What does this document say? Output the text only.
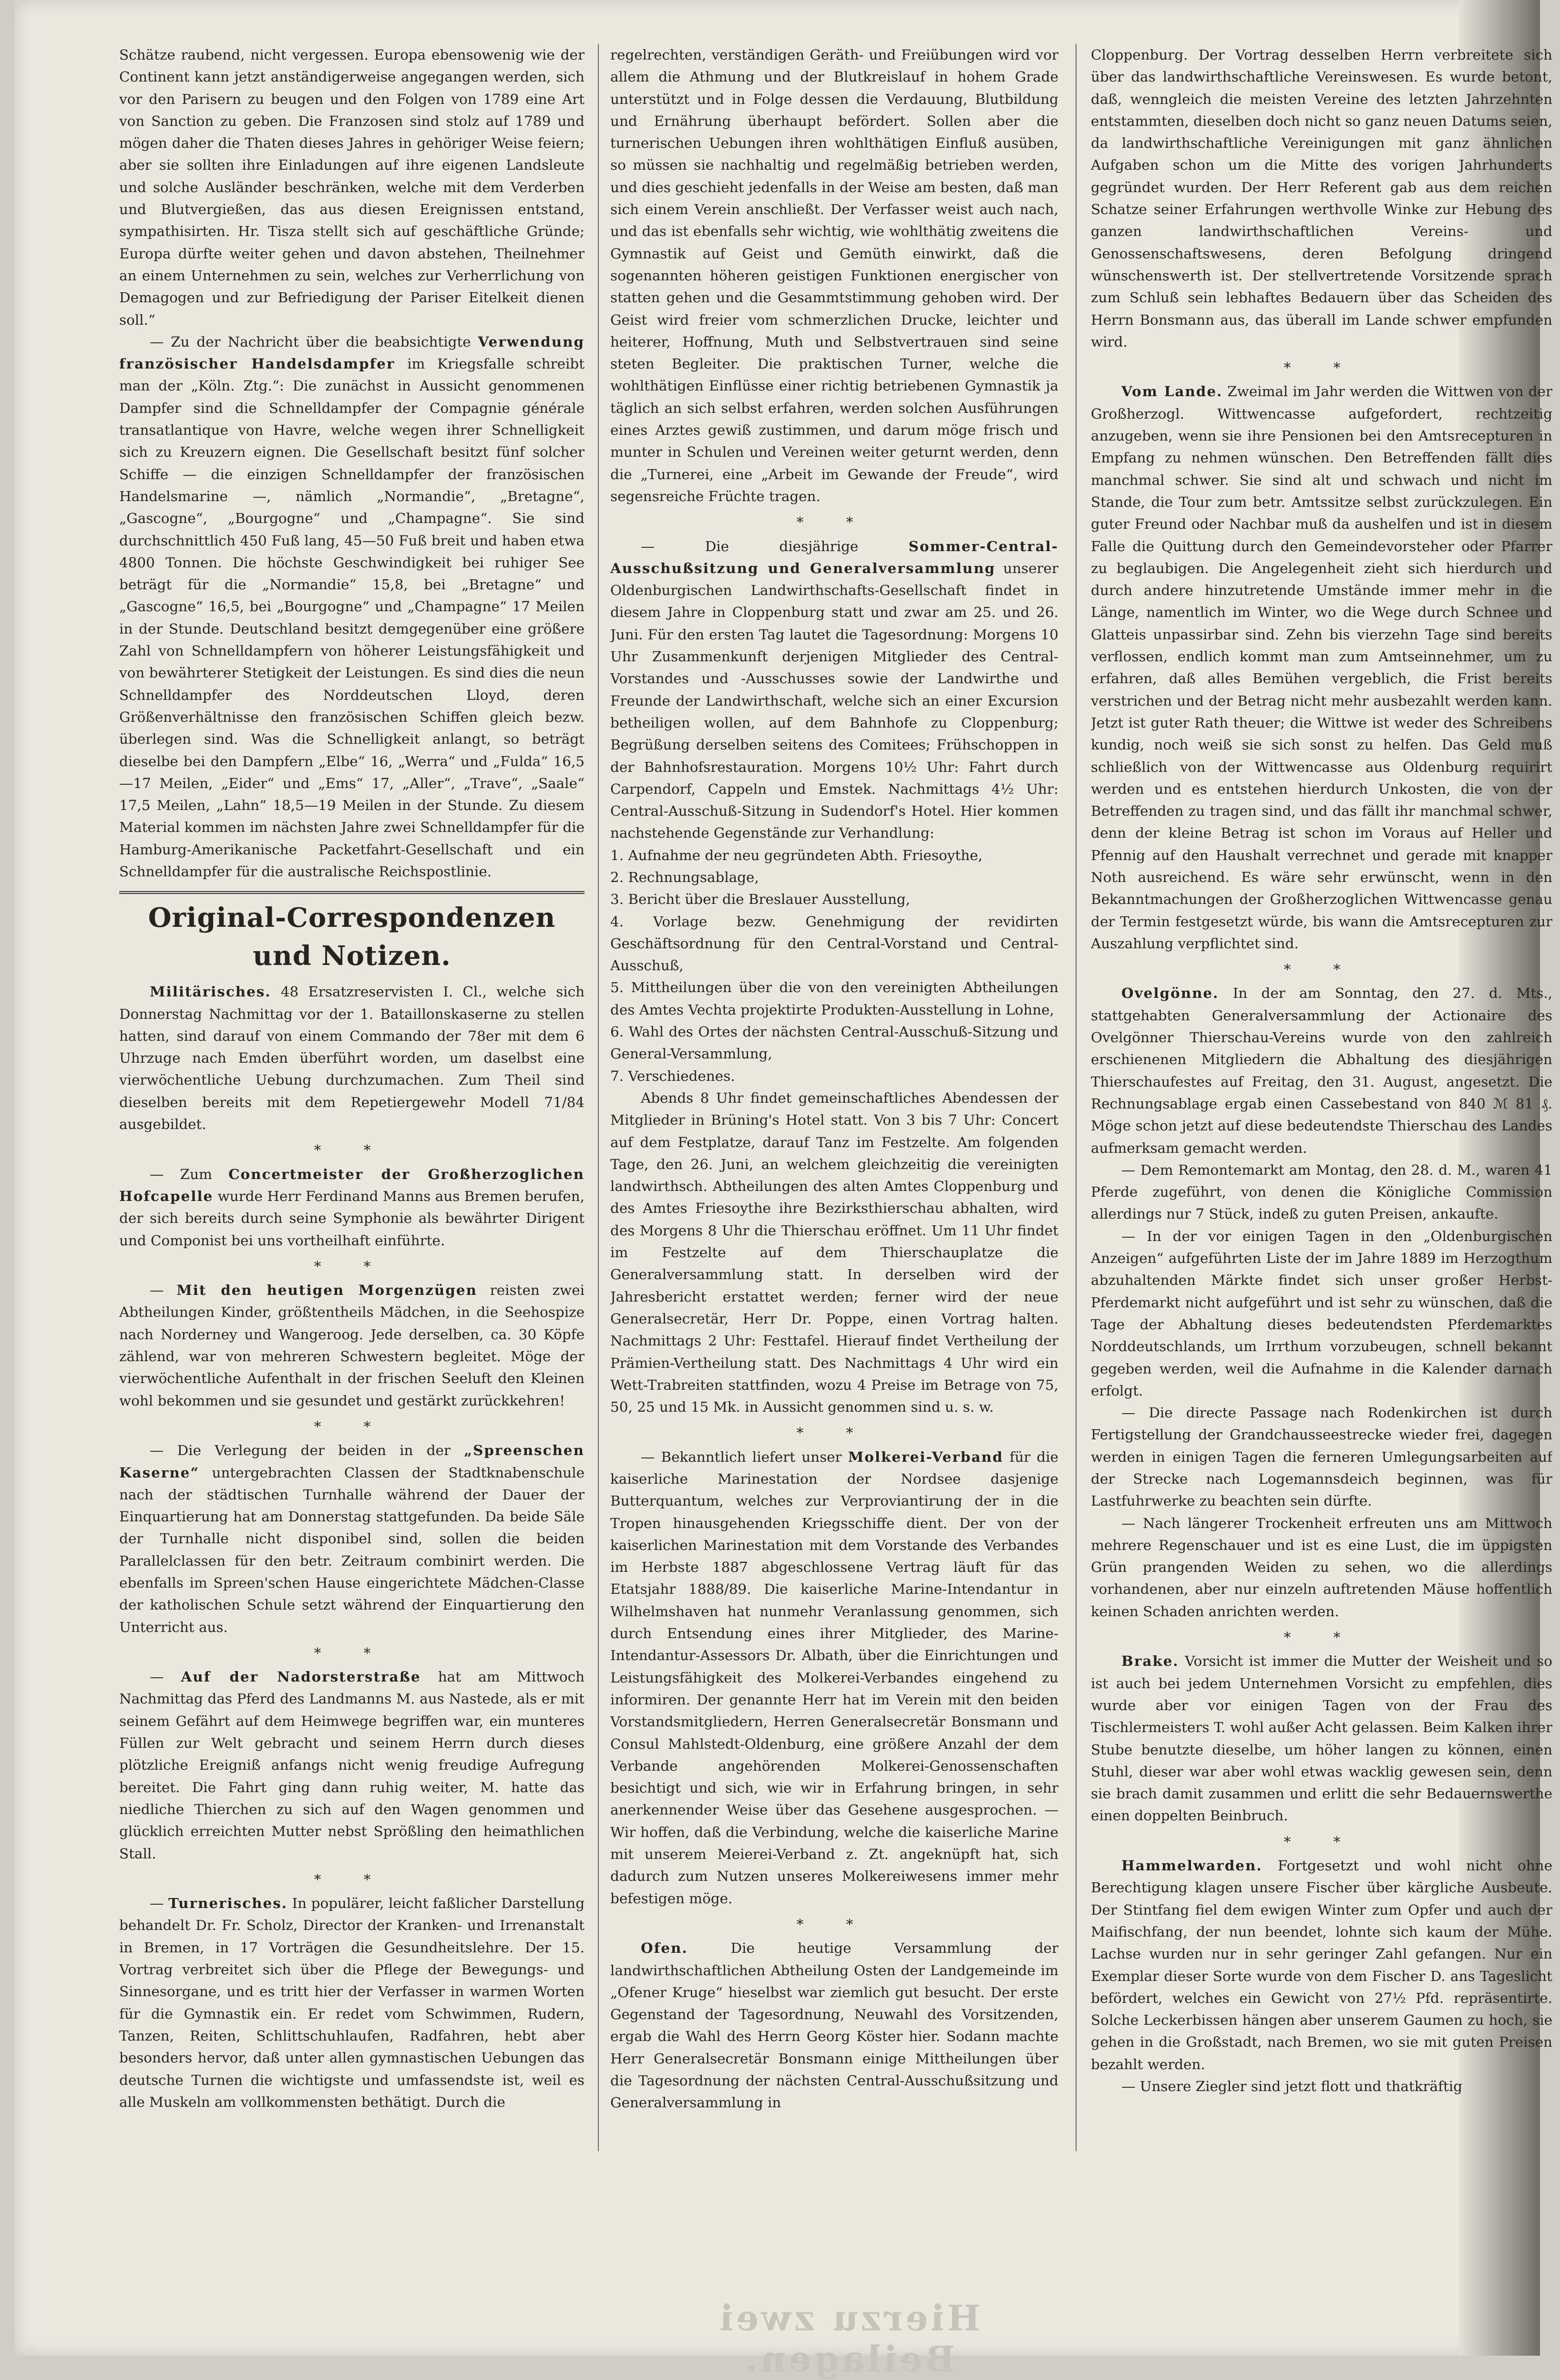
Schätze raubend, nicht vergessen. Europa ebensowenig wie der Continent kann jetzt anständigerweise angegangen werden, sich vor den Parisern zu beugen und den Folgen von 1789 eine Art von Sanction zu geben. Die Franzosen sind stolz auf 1789 und mögen daher die Thaten dieses Jahres in gehöriger Weise feiern; aber sie sollten ihre Einladungen auf ihre eigenen Landsleute und solche Ausländer beschränken, welche mit dem Verderben und Blutvergießen, das aus diesen Ereignissen entstand, sympathisirten. Hr. Tisza stellt sich auf geschäftliche Gründe; Europa dürfte weiter gehen und davon abstehen, Theilnehmer an einem Unternehmen zu sein, welches zur Verherrlichung von Demagogen und zur Befriedigung der Pariser Eitelkeit dienen soll.“

— Zu der Nachricht über die beabsichtigte Verwendung französischer Handelsdampfer im Kriegsfalle schreibt man der „Köln. Ztg.“: Die zunächst in Aussicht genommenen Dampfer sind die Schnelldampfer der Compagnie générale transatlantique von Havre, welche wegen ihrer Schnelligkeit sich zu Kreuzern eignen. Die Gesellschaft besitzt fünf solcher Schiffe — die einzigen Schnelldampfer der französischen Handelsmarine —, nämlich „Normandie“, „Bretagne“, „Gascogne“, „Bourgogne“ und „Champagne“. Sie sind durchschnittlich 450 Fuß lang, 45—50 Fuß breit und haben etwa 4800 Tonnen. Die höchste Geschwindigkeit bei ruhiger See beträgt für die „Normandie“ 15,8, bei „Bretagne“ und „Gascogne“ 16,5, bei „Bourgogne“ und „Champagne“ 17 Meilen in der Stunde. Deutschland besitzt demgegenüber eine größere Zahl von Schnelldampfern von höherer Leistungsfähigkeit und von bewährterer Stetigkeit der Leistungen. Es sind dies die neun Schnelldampfer des Norddeutschen Lloyd, deren Größenverhältnisse den französischen Schiffen gleich bezw. überlegen sind. Was die Schnelligkeit anlangt, so beträgt dieselbe bei den Dampfern „Elbe“ 16, „Werra“ und „Fulda“ 16,5—17 Meilen, „Eider“ und „Ems“ 17, „Aller“, „Trave“, „Saale“ 17,5 Meilen, „Lahn“ 18,5—19 Meilen in der Stunde. Zu diesem Material kommen im nächsten Jahre zwei Schnelldampfer für die Hamburg-Amerikanische Packetfahrt-Gesellschaft und ein Schnelldampfer für die australische Reichspostlinie.

Original-Correspondenzen und Notizen.

Militärisches. 48 Ersatzreservisten I. Cl., welche sich Donnerstag Nachmittag vor der 1. Bataillonskaserne zu stellen hatten, sind darauf von einem Commando der 78er mit dem 6 Uhrzuge nach Emden überführt worden, um daselbst eine vierwöchentliche Uebung durchzumachen. Zum Theil sind dieselben bereits mit dem Repetiergewehr Modell 71/84 ausgebildet.

* *

— Zum Concertmeister der Großherzoglichen Hofcapelle wurde Herr Ferdinand Manns aus Bremen berufen, der sich bereits durch seine Symphonie als bewährter Dirigent und Componist bei uns vortheilhaft einführte.

* *

— Mit den heutigen Morgenzügen reisten zwei Abtheilungen Kinder, größtentheils Mädchen, in die Seehospize nach Norderney und Wangeroog. Jede derselben, ca. 30 Köpfe zählend, war von mehreren Schwestern begleitet. Möge der vierwöchentliche Aufenthalt in der frischen Seeluft den Kleinen wohl bekommen und sie gesundet und gestärkt zurückkehren!

* *

— Die Verlegung der beiden in der „Spreenschen Kaserne“ untergebrachten Classen der Stadtknabenschule nach der städtischen Turnhalle während der Dauer der Einquartierung hat am Donnerstag stattgefunden. Da beide Säle der Turnhalle nicht disponibel sind, sollen die beiden Parallelclassen für den betr. Zeitraum combinirt werden. Die ebenfalls im Spreen'schen Hause eingerichtete Mädchen-Classe der katholischen Schule setzt während der Einquartierung den Unterricht aus.

* *

— Auf der Nadorsterstraße hat am Mittwoch Nachmittag das Pferd des Landmanns M. aus Nastede, als er mit seinem Gefährt auf dem Heimwege begriffen war, ein munteres Füllen zur Welt gebracht und seinem Herrn durch dieses plötzliche Ereigniß anfangs nicht wenig freudige Aufregung bereitet. Die Fahrt ging dann ruhig weiter, M. hatte das niedliche Thierchen zu sich auf den Wagen genommen und glücklich erreichten Mutter nebst Sprößling den heimathlichen Stall.

* *

— Turnerisches. In populärer, leicht faßlicher Darstellung behandelt Dr. Fr. Scholz, Director der Kranken- und Irrenanstalt in Bremen, in 17 Vorträgen die Gesundheitslehre. Der 15. Vortrag verbreitet sich über die Pflege der Bewegungs- und Sinnesorgane, und es tritt hier der Verfasser in warmen Worten für die Gymnastik ein. Er redet vom Schwimmen, Rudern, Tanzen, Reiten, Schlittschuhlaufen, Radfahren, hebt aber besonders hervor, daß unter allen gymnastischen Uebungen das deutsche Turnen die wichtigste und umfassendste ist, weil es alle Muskeln am vollkommensten bethätigt. Durch die

regelrechten, verständigen Geräth- und Freiübungen wird vor allem die Athmung und der Blutkreislauf in hohem Grade unterstützt und in Folge dessen die Verdauung, Blutbildung und Ernährung überhaupt befördert. Sollen aber die turnerischen Uebungen ihren wohlthätigen Einfluß ausüben, so müssen sie nachhaltig und regelmäßig betrieben werden, und dies geschieht jedenfalls in der Weise am besten, daß man sich einem Verein anschließt. Der Verfasser weist auch nach, und das ist ebenfalls sehr wichtig, wie wohlthätig zweitens die Gymnastik auf Geist und Gemüth einwirkt, daß die sogenannten höheren geistigen Funktionen energischer von statten gehen und die Gesammtstimmung gehoben wird. Der Geist wird freier vom schmerzlichen Drucke, leichter und heiterer, Hoffnung, Muth und Selbstvertrauen sind seine steten Begleiter. Die praktischen Turner, welche die wohlthätigen Einflüsse einer richtig betriebenen Gymnastik ja täglich an sich selbst erfahren, werden solchen Ausführungen eines Arztes gewiß zustimmen, und darum möge frisch und munter in Schulen und Vereinen weiter geturnt werden, denn die „Turnerei, eine „Arbeit im Gewande der Freude“, wird segensreiche Früchte tragen.

* *

— Die diesjährige	Sommer-Central-Ausschußsitzung und Generalversammlung unserer Oldenburgischen Landwirthschafts-Gesellschaft findet in diesem Jahre in Cloppenburg statt und zwar am 25. und 26. Juni. Für den ersten Tag lautet die Tagesordnung: Morgens 10 Uhr Zusammenkunft derjenigen Mitglieder des Central-Vorstandes und -Ausschusses sowie der Landwirthe und Freunde der Landwirthschaft, welche sich an einer Excursion betheiligen wollen, auf dem Bahnhofe zu Cloppenburg; Begrüßung derselben seitens des Comitees; Frühschoppen in der Bahnhofsrestauration. Morgens 10½ Uhr: Fahrt durch Carpendorf, Cappeln und Emstek. Nachmittags 4½ Uhr: Central-Ausschuß-Sitzung in Sudendorf's Hotel. Hier kommen nachstehende Gegenstände zur Verhandlung:

1. Aufnahme der neu gegründeten Abth. Friesoythe,

2. Rechnungsablage,

3. Bericht über die Breslauer Ausstellung,

4. Vorlage bezw. Genehmigung der revidirten Geschäftsordnung für den Central-Vorstand und Central-Ausschuß,

5. Mittheilungen über die von den vereinigten Abtheilungen des Amtes Vechta projektirte Produkten-Ausstellung in Lohne,

6. Wahl des Ortes der nächsten Central-Ausschuß-Sitzung und General-Versammlung,

7. Verschiedenes.

Abends 8 Uhr findet gemeinschaftliches Abendessen der Mitglieder in Brüning's Hotel statt. Von 3 bis 7 Uhr: Concert auf dem Festplatze, darauf Tanz im Festzelte. Am folgenden Tage, den 26. Juni, an welchem gleichzeitig die vereinigten landwirthsch. Abtheilungen des alten Amtes Cloppenburg und des Amtes Friesoythe ihre Bezirksthierschau abhalten, wird des Morgens 8 Uhr die Thierschau eröffnet. Um 11 Uhr findet im Festzelte auf dem Thierschauplatze die Generalversammlung statt. In derselben wird der Jahresbericht erstattet werden; ferner wird der neue Generalsecretär, Herr Dr. Poppe, einen Vortrag halten. Nachmittags 2 Uhr: Festtafel. Hierauf findet Vertheilung der Prämien-Vertheilung statt. Des Nachmittags 4 Uhr wird ein Wett-Trabreiten stattfinden, wozu 4 Preise im Betrage von 75, 50, 25 und 15 Mk. in Aussicht genommen sind u. s. w.

* *

— Bekanntlich liefert unser Molkerei-Verband für die kaiserliche Marinestation der Nordsee dasjenige Butterquantum, welches zur Verproviantirung der in die Tropen hinausgehenden Kriegsschiffe dient. Der von der kaiserlichen Marinestation mit dem Vorstande des Verbandes im Herbste 1887 abgeschlossene Vertrag läuft für das Etatsjahr 1888/89. Die kaiserliche Marine-Intendantur in Wilhelmshaven hat nunmehr Veranlassung genommen, sich durch Entsendung eines ihrer Mitglieder, des Marine-Intendantur-Assessors Dr. Albath, über die Einrichtungen und Leistungsfähigkeit des Molkerei-Verbandes eingehend zu informiren. Der genannte Herr hat im Verein mit den beiden Vorstandsmitgliedern, Herren Generalsecretär Bonsmann und Consul Mahlstedt-Oldenburg, eine größere Anzahl der dem Verbande angehörenden Molkerei-Genossenschaften besichtigt und sich, wie wir in Erfahrung bringen, in sehr anerkennender Weise über das Gesehene ausgesprochen. — Wir hoffen, daß die Verbindung, welche die kaiserliche Marine mit unserem Meierei-Verband z. Zt. angeknüpft hat, sich dadurch zum Nutzen unseres Molkereiwesens immer mehr befestigen möge.

* *

Ofen.	Die heutige Versammlung der landwirthschaftlichen Abtheilung Osten der Landgemeinde im „Ofener Kruge“ hieselbst war ziemlich gut besucht. Der erste Gegenstand der Tagesordnung, Neuwahl des Vorsitzenden, ergab die Wahl des Herrn Georg Köster hier. Sodann machte Herr Generalsecretär Bonsmann einige Mittheilungen über die Tagesordnung der nächsten Central-Ausschußsitzung und Generalversammlung in

Cloppenburg. Der Vortrag desselben Herrn verbreitete sich über das landwirthschaftliche Vereinswesen. Es wurde betont, daß, wenngleich die meisten Vereine des letzten Jahrzehnten entstammten, dieselben doch nicht so ganz neuen Datums seien, da landwirthschaftliche Vereinigungen mit ganz ähnlichen Aufgaben schon um die Mitte des vorigen Jahrhunderts gegründet wurden. Der Herr Referent gab aus dem reichen Schatze seiner Erfahrungen werthvolle Winke zur Hebung des ganzen landwirthschaftlichen Vereins- und Genossenschaftswesens, deren Befolgung dringend wünschenswerth ist. Der stellvertretende Vorsitzende sprach zum Schluß sein lebhaftes Bedauern über das Scheiden des Herrn Bonsmann aus, das überall im Lande schwer empfunden wird.

* *

Vom Lande. Zweimal im Jahr werden die Wittwen von der Großherzogl. Wittwencasse aufgefordert, rechtzeitig anzugeben, wenn sie ihre Pensionen bei den Amtsrecepturen in Empfang zu nehmen wünschen. Den Betreffenden fällt dies manchmal schwer. Sie sind alt und schwach und nicht im Stande, die Tour zum betr. Amtssitze selbst zurückzulegen. Ein guter Freund oder Nachbar muß da aushelfen und ist in diesem Falle die Quittung durch den Gemeindevorsteher oder Pfarrer zu beglaubigen. Die Angelegenheit zieht sich hierdurch und durch andere hinzutretende Umstände immer mehr in die Länge, namentlich im Winter, wo die Wege durch Schnee und Glatteis unpassirbar sind. Zehn bis vierzehn Tage sind bereits verflossen, endlich kommt man zum Amtseinnehmer, um zu erfahren, daß alles Bemühen vergeblich, die Frist bereits verstrichen und der Betrag nicht mehr ausbezahlt werden kann. Jetzt ist guter Rath theuer; die Wittwe ist weder des Schreibens kundig, noch weiß sie sich sonst zu helfen. Das Geld muß schließlich von der Wittwencasse aus Oldenburg requirirt werden und es entstehen hierdurch Unkosten, die von der Betreffenden zu tragen sind, und das fällt ihr manchmal schwer, denn der kleine Betrag ist schon im Voraus auf Heller und Pfennig auf den Haushalt verrechnet und gerade mit knapper Noth ausreichend. Es wäre sehr erwünscht, wenn in den Bekanntmachungen der Großherzoglichen Wittwencasse genau der Termin festgesetzt würde, bis wann die Amtsrecepturen zur Auszahlung verpflichtet sind.

* *

Ovelgönne. In der am Sonntag, den 27. d. Mts., stattgehabten Generalversammlung der Actionaire des Ovelgönner Thierschau-Vereins wurde von den zahlreich erschienenen Mitgliedern die Abhaltung des diesjährigen Thierschaufestes auf Freitag, den 31. August, angesetzt. Die Rechnungsablage ergab einen Cassebestand von 840 ℳ 81 ₰. Möge schon jetzt auf diese bedeutendste Thierschau des Landes aufmerksam gemacht werden.

— Dem Remontemarkt am Montag, den 28. d. M., waren 41 Pferde zugeführt, von denen die Königliche Commission allerdings nur 7 Stück, indeß zu guten Preisen, ankaufte.

— In der vor einigen Tagen in den „Oldenburgischen Anzeigen“ aufgeführten Liste der im Jahre 1889 im Herzogthum abzuhaltenden Märkte findet sich unser großer Herbst-Pferdemarkt nicht aufgeführt und ist sehr zu wünschen, daß die Tage der Abhaltung dieses bedeutendsten Pferdemarktes Norddeutschlands, um Irrthum vorzubeugen, schnell bekannt gegeben werden, weil die Aufnahme in die Kalender darnach erfolgt.

— Die directe Passage nach Rodenkirchen ist durch Fertigstellung der Grandchausseestrecke wieder frei, dagegen werden in einigen Tagen die ferneren Umlegungsarbeiten auf der Strecke nach Logemannsdeich beginnen, was für Lastfuhrwerke zu beachten sein dürfte.

— Nach längerer Trockenheit erfreuten uns am Mittwoch mehrere Regenschauer und ist es eine Lust, die im üppigsten Grün prangenden Weiden zu sehen, wo die allerdings vorhandenen, aber nur einzeln auftretenden Mäuse hoffentlich keinen Schaden anrichten werden.

* *

Brake. Vorsicht ist immer die Mutter der Weisheit und so ist auch bei jedem Unternehmen Vorsicht zu empfehlen, dies wurde aber vor einigen Tagen von der Frau des Tischlermeisters T. wohl außer Acht gelassen. Beim Kalken ihrer Stube benutzte dieselbe, um höher langen zu können, einen Stuhl, dieser war aber wohl etwas wacklig gewesen sein, denn sie brach damit zusammen und erlitt die sehr Bedauernswerthe einen doppelten Beinbruch.

* *

Hammelwarden. Fortgesetzt und wohl nicht ohne Berechtigung klagen unsere Fischer über kärgliche Ausbeute. Der Stintfang fiel dem ewigen Winter zum Opfer und auch der Maifischfang, der nun beendet, lohnte sich kaum der Mühe. Lachse wurden nur in sehr geringer Zahl gefangen. Nur ein Exemplar dieser Sorte wurde von dem Fischer D. ans Tageslicht befördert, welches ein Gewicht von 27½ Pfd. repräsentirte. Solche Leckerbissen hängen aber unserem Gaumen zu hoch, sie gehen in die Großstadt, nach Bremen, wo sie mit guten Preisen bezahlt werden.

— Unsere Ziegler sind jetzt flott und thatkräftig

Hierzu zwei Beilagen.
